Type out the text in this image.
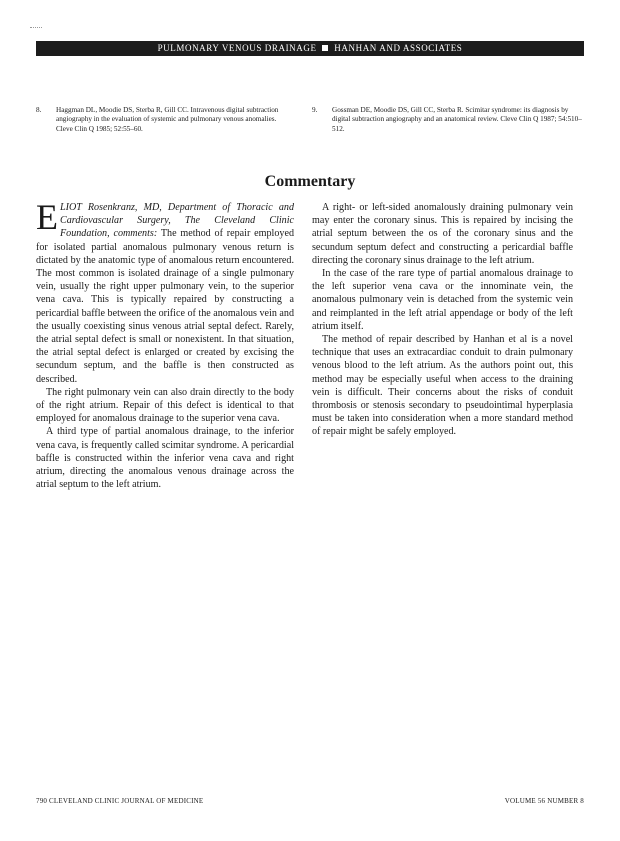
PULMONARY VENOUS DRAINAGE HANHAN AND ASSOCIATES
8.	Haggman DL, Moodie DS, Sterba R, Gill CC. Intravenous digital subtraction angiography in the evaluation of systemic and pulmonary venous anomalies. Cleve Clin Q 1985; 52:55–60.
9.	Gossman DE, Moodie DS, Gill CC, Sterba R. Scimitar syndrome: its diagnosis by digital subtraction angiography and an anatomical review. Cleve Clin Q 1987; 54:510–512.
Commentary

ELIOT Rosenkranz, MD, Department of Thoracic and Cardiovascular Surgery, The Cleveland Clinic Foundation, comments: The method of repair employed for isolated partial anomalous pulmonary venous return is dictated by the anatomic type of anomalous return encountered. The most common is isolated drainage of a single pulmonary vein, usually the right upper pulmonary vein, to the superior vena cava. This is typically repaired by constructing a pericardial baffle between the orifice of the anomalous vein and the usually coexisting sinus venous atrial septal defect. Rarely, the atrial septal defect is small or nonexistent. In that situation, the atrial septal defect is enlarged or created by excising the secundum septum, and the baffle is then constructed as described.

The right pulmonary vein can also drain directly to the body of the right atrium. Repair of this defect is identical to that employed for anomalous drainage to the superior vena cava.

A third type of partial anomalous drainage, to the inferior vena cava, is frequently called scimitar syndrome. A pericardial baffle is constructed within the inferior vena cava and right atrium, directing the anomalous venous drainage across the atrial septum to the left atrium.

A right- or left-sided anomalously draining pulmonary vein may enter the coronary sinus. This is repaired by incising the atrial septum between the os of the coronary sinus and the secundum septum defect and constructing a pericardial baffle directing the coronary sinus drainage to the left atrium.

In the case of the rare type of partial anomalous drainage to the left superior vena cava or the innominate vein, the anomalous pulmonary vein is detached from the systemic vein and reimplanted in the left atrial appendage or body of the left atrium itself.

The method of repair described by Hanhan et al is a novel technique that uses an extracardiac conduit to drain pulmonary venous blood to the left atrium. As the authors point out, this method may be especially useful when access to the draining vein is difficult. Their concerns about the risks of conduit thrombosis or stenosis secondary to pseudointimal hyperplasia must be taken into consideration when a more standard method of repair might be safely employed.

790 CLEVELAND CLINIC JOURNAL OF MEDICINE	VOLUME 56 NUMBER 8
